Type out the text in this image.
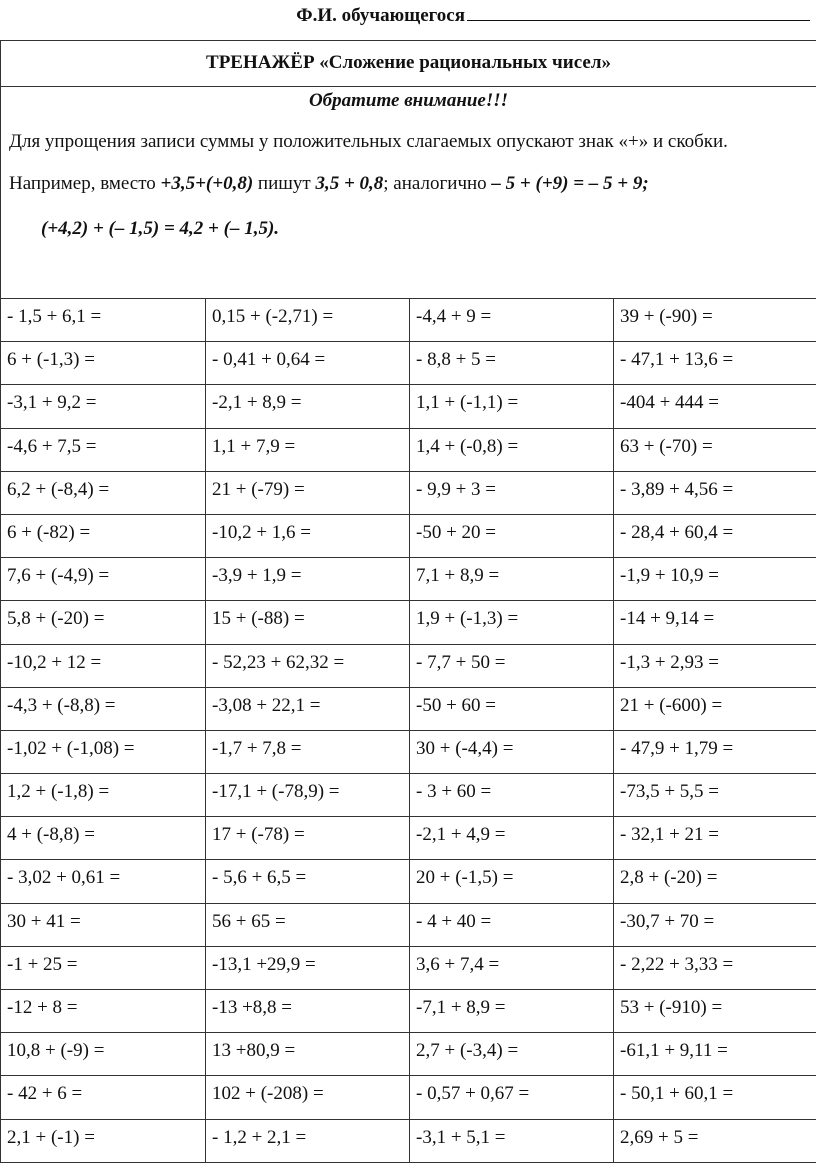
Ф.И. обучающегося
ТРЕНАЖЁР «Сложение рациональных чисел»			

Обратите внимание!!!
Для упрощения записи суммы у положительных слагаемых опускают знак «+» и скобки.
Например, вместо +3,5+(+0,8) пишут 3,5 + 0,8; аналогично – 5 + (+9) = – 5 + 9;
(+4,2) + (– 1,5) = 4,2 + (– 1,5).			

- 1,5 + 6,1 =	0,15 + (-2,71) =	-4,4 + 9 =	39 + (-90) =
6 + (-1,3) =	- 0,41 + 0,64 =	- 8,8 + 5 =	- 47,1 + 13,6 =
-3,1 + 9,2 =	-2,1 + 8,9 =	1,1 + (-1,1) =	-404 + 444 =
-4,6 + 7,5 =	1,1 + 7,9 =	1,4 + (-0,8) =	63 + (-70) =
6,2 + (-8,4) =	21 + (-79) =	- 9,9 + 3 =	- 3,89 + 4,56 =
6 + (-82) =	-10,2 + 1,6 =	-50 + 20 =	- 28,4 + 60,4 =
7,6 + (-4,9) =	-3,9 + 1,9 =	7,1 + 8,9 =	-1,9 + 10,9 =
5,8 + (-20) =	15 + (-88) =	1,9 + (-1,3) =	-14 + 9,14 =
-10,2 + 12 =	- 52,23 + 62,32 =	- 7,7 + 50 =	-1,3 + 2,93 =
-4,3 + (-8,8) =	-3,08 + 22,1 =	-50 + 60 =	21 + (-600) =
-1,02 + (-1,08) =	-1,7 + 7,8 =	30 + (-4,4) =	- 47,9 + 1,79 =
1,2 + (-1,8) =	-17,1 + (-78,9) =	- 3 + 60 =	-73,5 + 5,5 =
4 + (-8,8) =	17 + (-78) =	-2,1 + 4,9 =	- 32,1 + 21 =
- 3,02 + 0,61 =	- 5,6 + 6,5 =	20 + (-1,5) =	2,8 + (-20) =
30 + 41 =	56 + 65 =	- 4 + 40 =	-30,7 + 70 =
-1 + 25 =	-13,1 +29,9 =	3,6 + 7,4 =	- 2,22 + 3,33 =
-12 + 8 =	-13 +8,8 =	-7,1 + 8,9 =	53 + (-910) =
10,8 + (-9) =	13 +80,9 =	2,7 + (-3,4) =	-61,1 + 9,11 =
- 42 + 6 =	102 + (-208) =	- 0,57 + 0,67 =	- 50,1 + 60,1 =
2,1 + (-1) =	- 1,2 + 2,1 =	-3,1 + 5,1 =	2,69 + 5 =
